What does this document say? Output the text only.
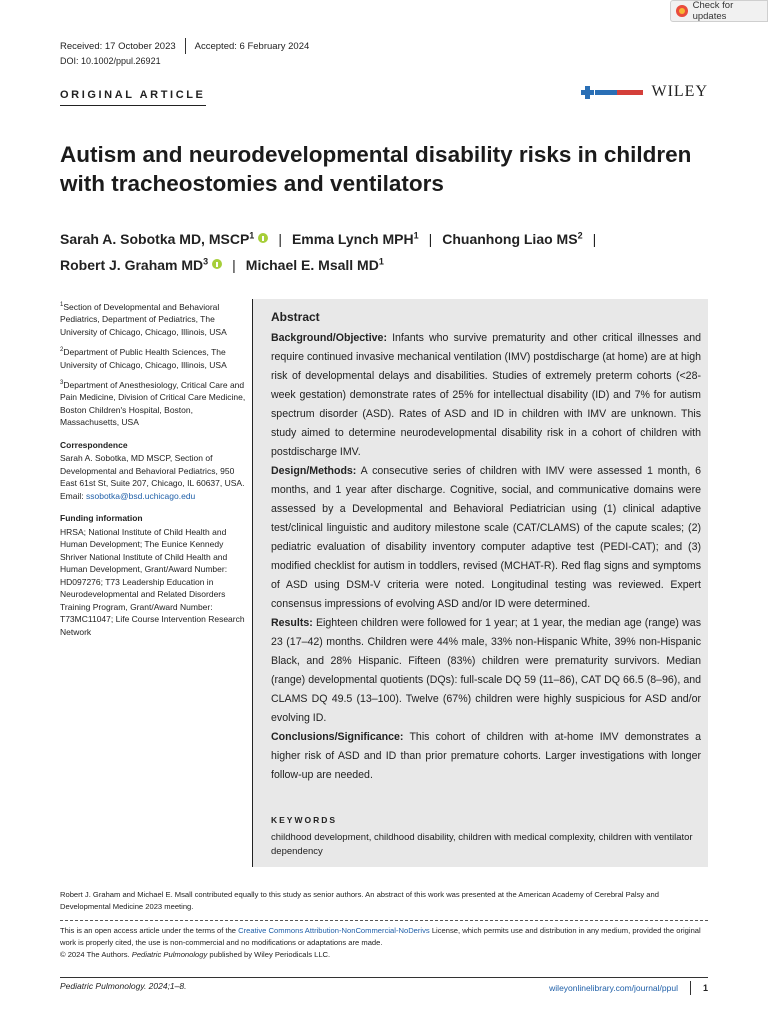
Check for updates
Received: 17 October 2023 Accepted: 6 February 2024
DOI: 10.1002/ppul.26921
ORIGINAL ARTICLE	WILEY
Autism and neurodevelopmental disability risks in children with tracheostomies and ventilators
Sarah A. Sobotka MD, MSCP$^1$ | Emma Lynch MPH$^1$ | Chuanhong Liao $MS^2$ |
Robert J. Graham $MD^3$ | Michael E. Msall $MD^1$

$^1$Section of Developmental and Behavioral Pediatrics, Department of Pediatrics, The University of Chicago, Chicago, Illinois, USA

$^2$Department of Public Health Sciences, The University of Chicago, Chicago, Illinois, USA

$^3$Department of Anesthesiology, Critical Care and Pain Medicine, Division of Critical Care Medicine, Boston Children's Hospital, Boston, Massachusetts, USA

Correspondence

Sarah A. Sobotka, MD MSCP, Section of Developmental and Behavioral Pediatrics, 950 East 61st St, Suite 207, Chicago, IL 60637, USA.
Email: ssobotka@bsd.uchicago.edu

Funding information

HRSA; National Institute of Child Health and Human Development; The Eunice Kennedy Shriver National Institute of Child Health and Human Development, Grant/Award Number: HD097276; T73 Leadership Education in Neurodevelopmental and Related Disorders Training Program, Grant/Award Number: T73MC11047; Life Course Intervention Research Network

Abstract

Background/Objective: Infants who survive prematurity and other critical illnesses and require continued invasive mechanical ventilation (IMV) postdischarge (at home) are at high risk of developmental delays and disabilities. Studies of extremely preterm cohorts (<28-week gestation) demonstrate rates of 25% for intellectual disability (ID) and 7% for autism spectrum disorder (ASD). Rates of ASD and ID in children with IMV are unknown. This study aimed to determine neurodevelopmental disability risk in a cohort of children with postdischarge IMV.

Design/Methods: A consecutive series of children with IMV were assessed 1 month, 6 months, and 1 year after discharge. Cognitive, social, and communicative domains were assessed by a Developmental and Behavioral Pediatrician using (1) clinical adaptive test/clinical linguistic and auditory milestone scale (CAT/CLAMS) of the capute scales; (2) pediatric evaluation of disability inventory computer adaptive test (PEDI-CAT); and (3) modified checklist for autism in toddlers, revised (MCHAT-R). Red flag signs and symptoms of ASD using DSM-V criteria were noted. Longitudinal testing was reviewed. Expert consensus impressions of evolving ASD and/or ID were determined.

Results: Eighteen children were followed for 1 year; at 1 year, the median age (range) was 23 (17–42) months. Children were 44% male, 33% non-Hispanic White, 39% non-Hispanic Black, and 28% Hispanic. Fifteen (83%) children were prematurity survivors. Median (range) developmental quotients (DQs): full-scale DQ 59 (11–86), CAT DQ 66.5 (8–96), and CLAMS DQ 49.5 (13–100). Twelve (67%) children were highly suspicious for ASD and/or evolving ID.

Conclusions/Significance: This cohort of children with at-home IMV demonstrates a higher risk of ASD and ID than prior premature cohorts. Larger investigations with longer follow-up are needed.

KEYWORDS
childhood development, childhood disability, children with medical complexity, children with ventilator dependency
Robert J. Graham and Michael E. Msall contributed equally to this study as senior authors. An abstract of this work was presented at the American Academy of Cerebral Palsy and Developmental Medicine 2023 meeting.
This is an open access article under the terms of the Creative Commons Attribution-NonCommercial-NoDerivs License, which permits use and distribution in any medium, provided the original work is properly cited, the use is non-commercial and no modifications or adaptations are made.
© 2024 The Authors. Pediatric Pulmonology published by Wiley Periodicals LLC.
Pediatric Pulmonology. 2024;1–8.	wileyonlinelibrary.com/journal/ppul	1
